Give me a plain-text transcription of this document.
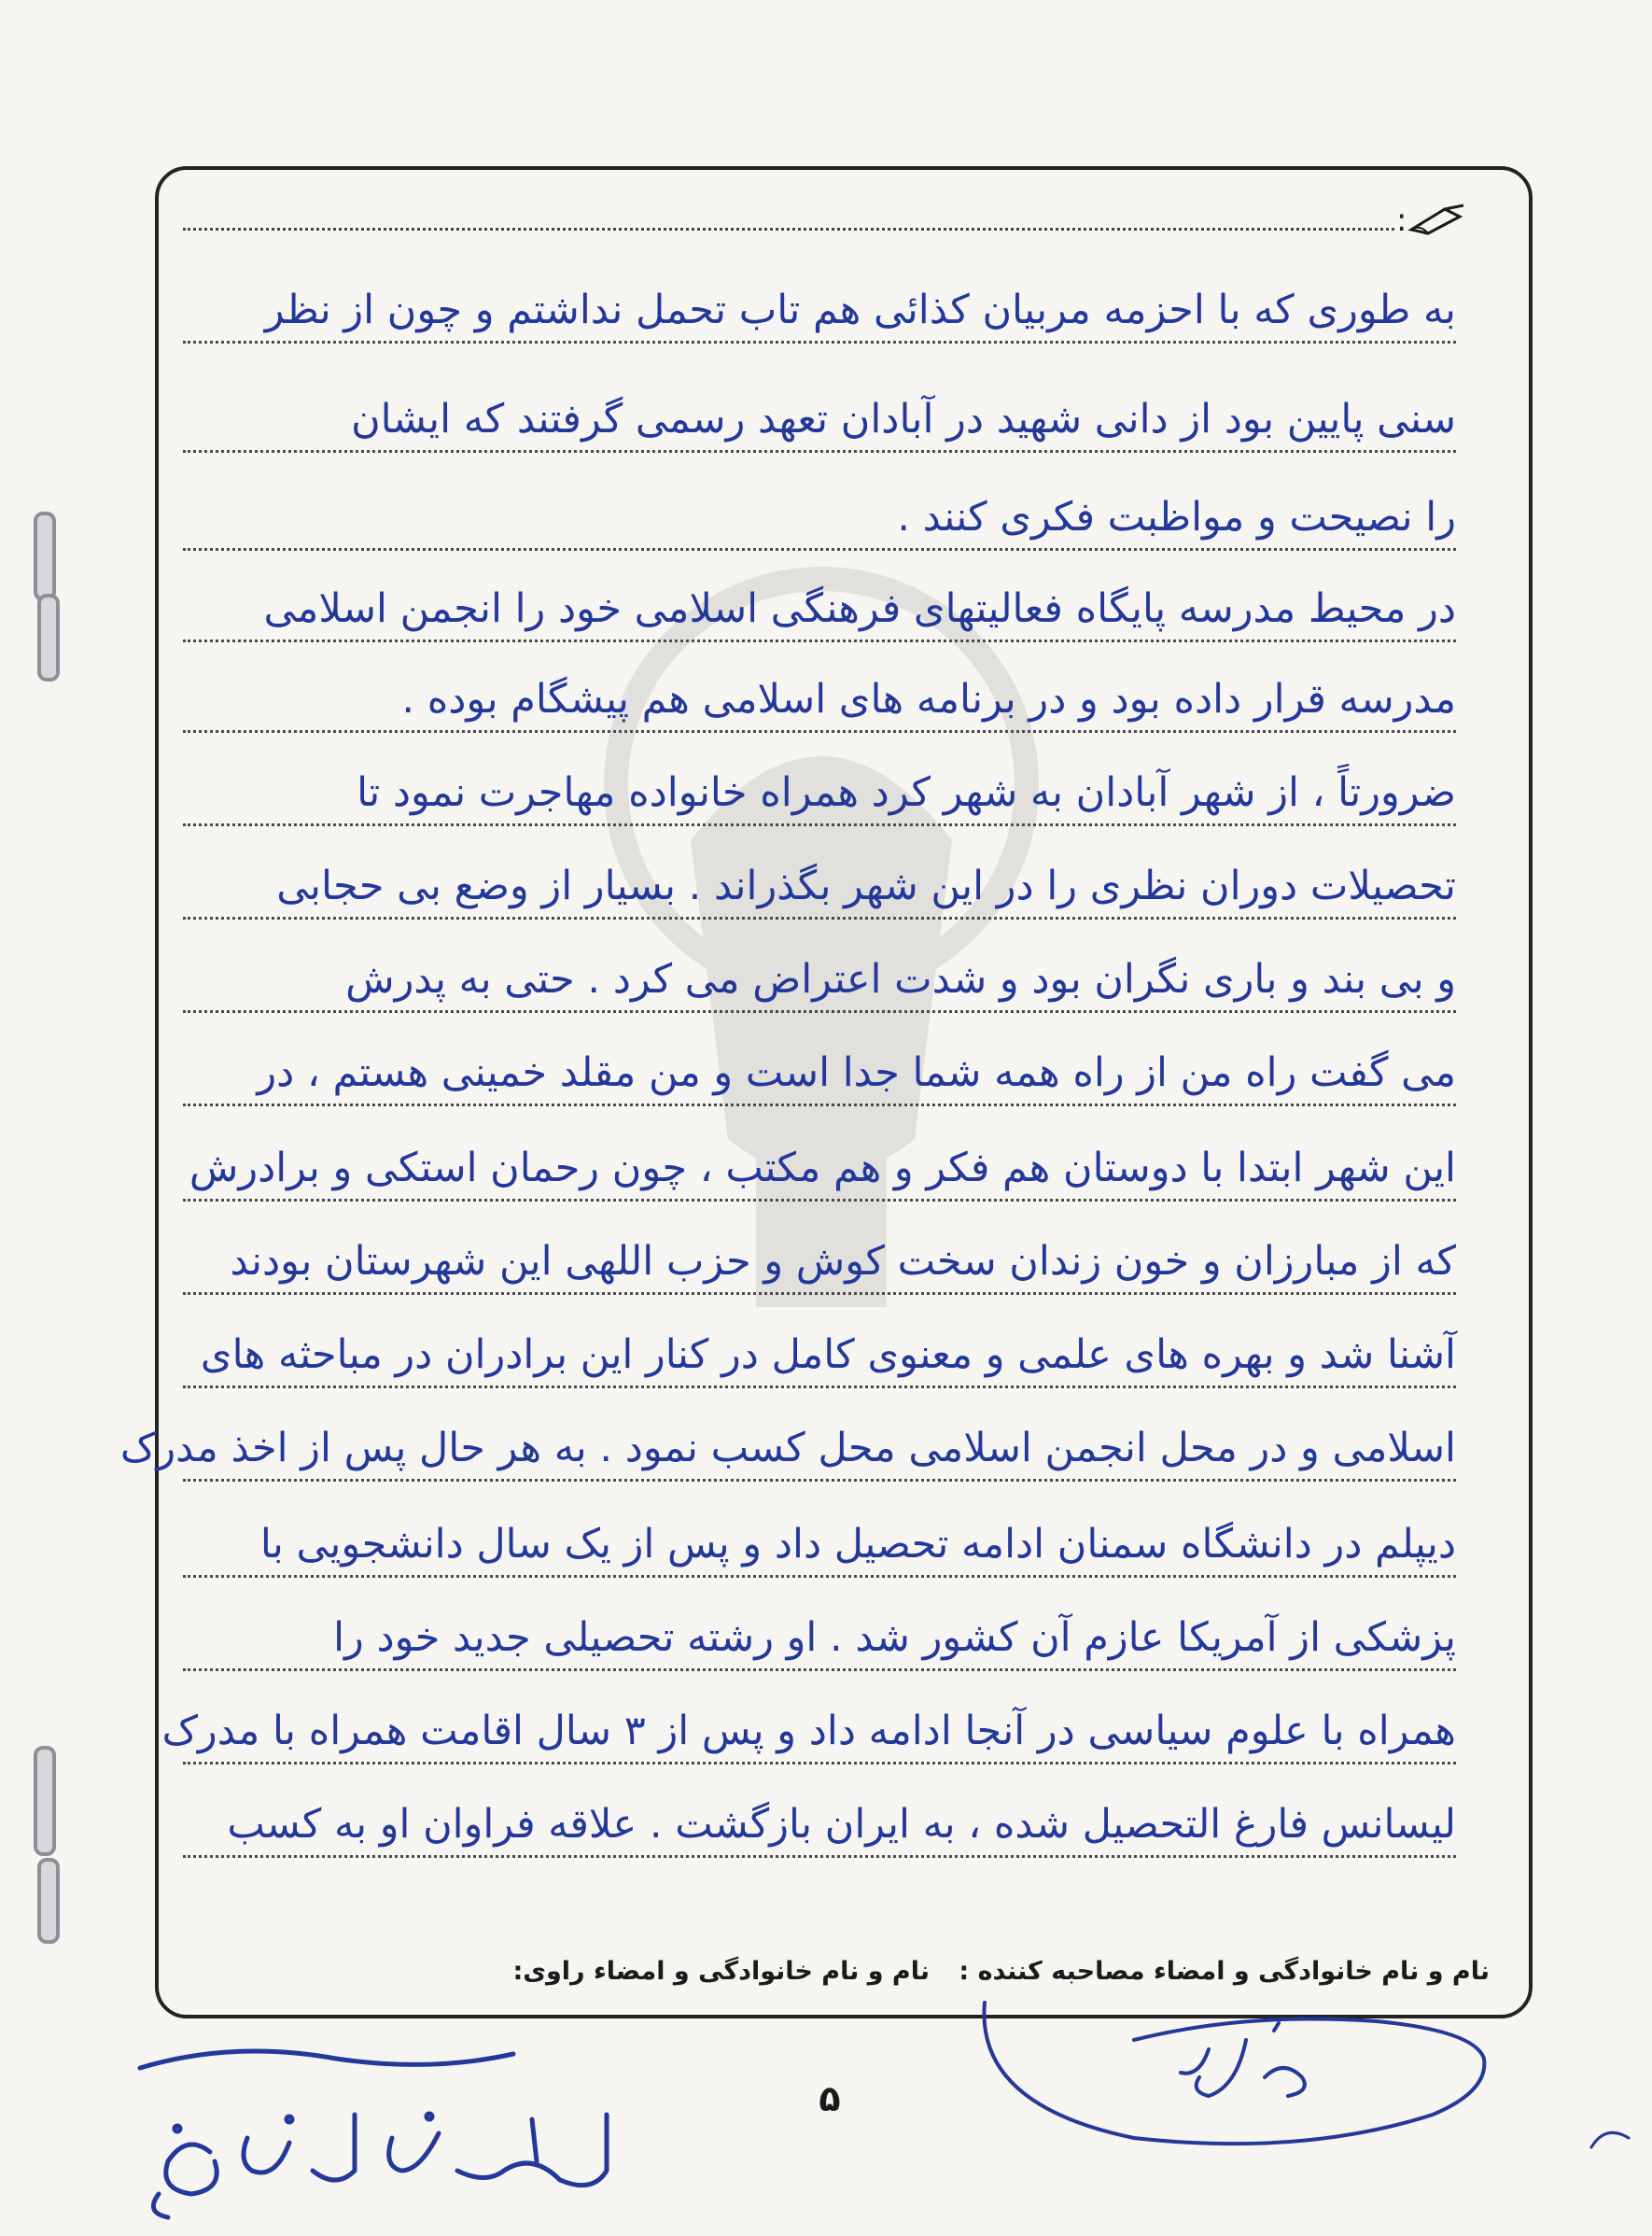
:
به طوری که با احزمه مربیان کذائی هم تاب تحمل نداشتم و چون از نظر
سنی پایین بود از دانی شهید در آبادان تعهد رسمی گرفتند که ایشان
را نصیحت و مواظبت فکری کنند .
در محیط مدرسه پایگاه فعالیتهای فرهنگی اسلامی خود را انجمن اسلامی
مدرسه قرار داده بود و در برنامه های اسلامی هم پیشگام بوده .
ضرورتاً ، از شهر آبادان به شهر کرد همراه خانواده مهاجرت نمود تا
تحصیلات دوران نظری را در این شهر بگذراند . بسیار از وضع بی حجابی
و بی بند و باری نگران بود و شدت اعتراض می کرد . حتی به پدرش
می گفت راه من از راه همه شما جدا است و من مقلد خمینی هستم ، در
این شهر ابتدا با دوستان هم فکر و هم مکتب ، چون رحمان استکی و برادرش
که از مبارزان و خون زندان سخت کوش و حزب اللهی این شهرستان بودند
آشنا شد و بهره های علمی و معنوی کامل در کنار این برادران در مباحثه های
اسلامی و در محل انجمن اسلامی محل کسب نمود . به هر حال پس از اخذ مدرک
دیپلم در دانشگاه سمنان ادامه تحصیل داد و پس از یک سال دانشجویی با
پزشکی از آمریکا عازم آن کشور شد . او رشته تحصیلی جدید خود را
همراه با علوم سیاسی در آنجا ادامه داد و پس از ۳ سال اقامت همراه با مدرک
لیسانس فارغ التحصیل شده ، به ایران بازگشت . علاقه فراوان او به کسب
نام و نام خانوادگی و امضاء مصاحبه کننده :
نام و نام خانوادگی و امضاء راوی:
۵
